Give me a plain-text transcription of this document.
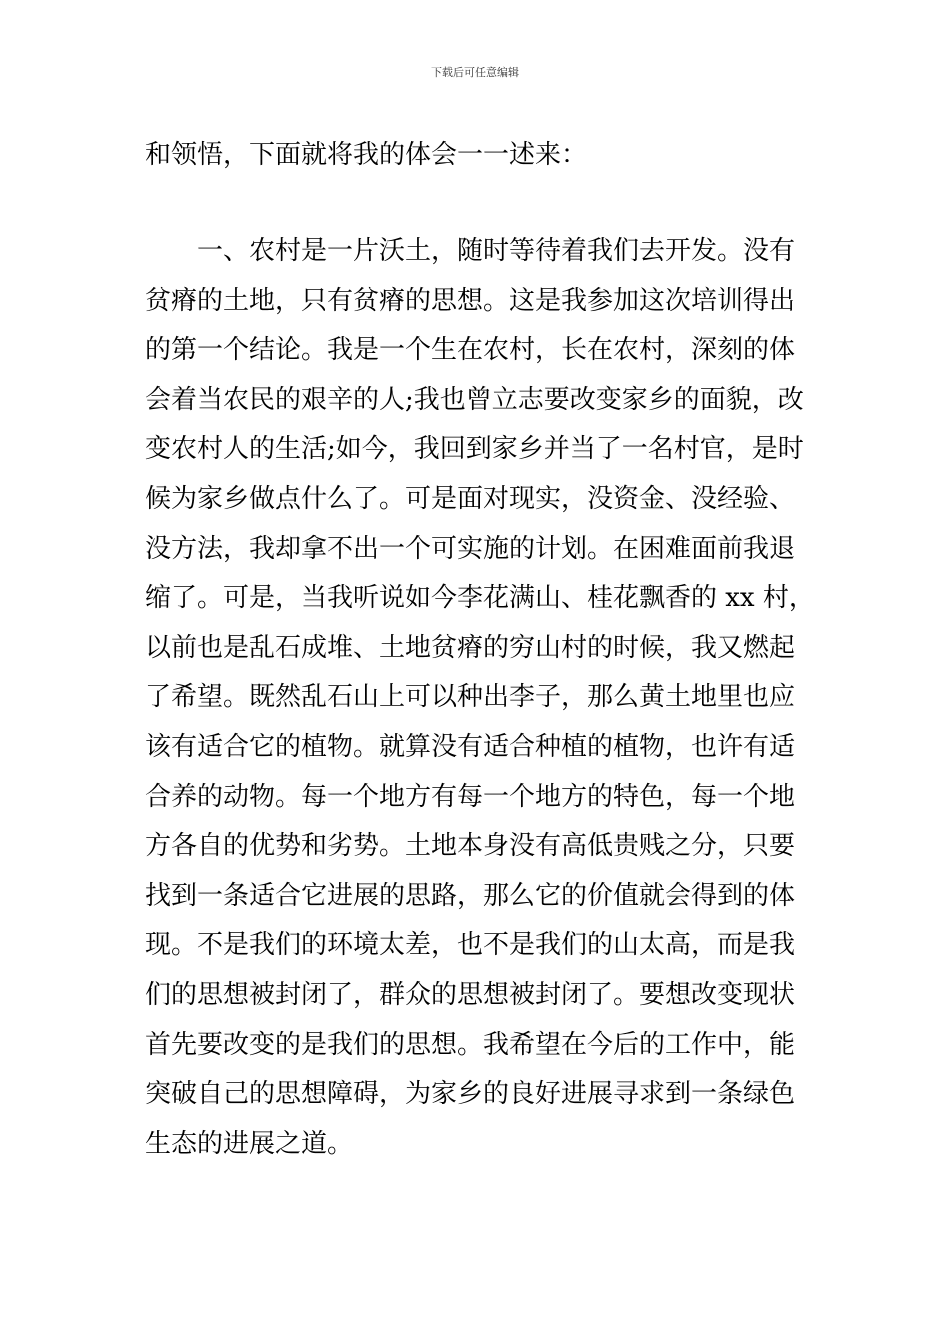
下载后可任意编辑

和领悟，下面就将我的体会一一述来：

一、农村是一片沃土，随时等待着我们去开发。没有
贫瘠的土地，只有贫瘠的思想。这是我参加这次培训得出
的第一个结论。我是一个生在农村，长在农村，深刻的体
会着当农民的艰辛的人;我也曾立志要改变家乡的面貌，改
变农村人的生活;如今，我回到家乡并当了一名村官，是时
候为家乡做点什么了。可是面对现实，没资金、没经验、
没方法，我却拿不出一个可实施的计划。在困难面前我退
缩了。可是，当我听说如今李花满山、桂花飘香的 xx 村，
以前也是乱石成堆、土地贫瘠的穷山村的时候，我又燃起
了希望。既然乱石山上可以种出李子，那么黄土地里也应
该有适合它的植物。就算没有适合种植的植物，也许有适
合养的动物。每一个地方有每一个地方的特色，每一个地
方各自的优势和劣势。土地本身没有高低贵贱之分，只要
找到一条适合它进展的思路，那么它的价值就会得到的体
现。不是我们的环境太差，也不是我们的山太高，而是我
们的思想被封闭了，群众的思想被封闭了。要想改变现状
首先要改变的是我们的思想。我希望在今后的工作中，能
突破自己的思想障碍，为家乡的良好进展寻求到一条绿色
生态的进展之道。
